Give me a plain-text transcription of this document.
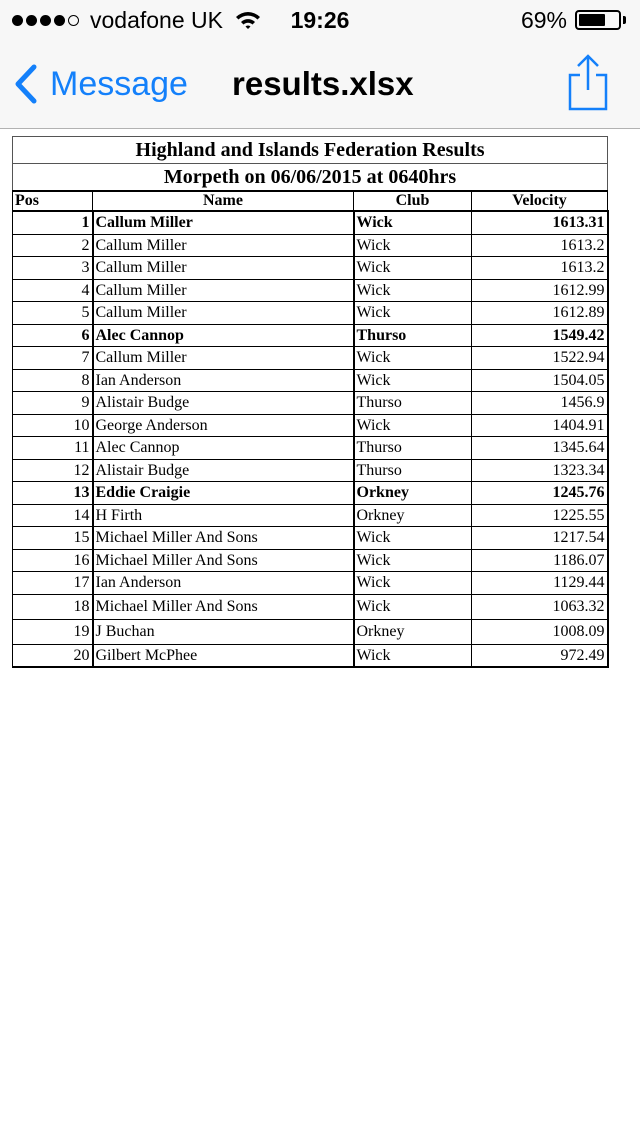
vodafone UK	19:26	69%
Message results.xlsx
Highland and Islands Federation Results			
Morpeth on 06/06/2015 at 0640hrs			
Pos	Name	Club	Velocity
1	Callum Miller	Wick	1613.31
2	Callum Miller	Wick	1613.2
3	Callum Miller	Wick	1613.2
4	Callum Miller	Wick	1612.99
5	Callum Miller	Wick	1612.89
6	Alec Cannop	Thurso	1549.42
7	Callum Miller	Wick	1522.94
8	Ian Anderson	Wick	1504.05
9	Alistair Budge	Thurso	1456.9
10	George Anderson	Wick	1404.91
11	Alec Cannop	Thurso	1345.64
12	Alistair Budge	Thurso	1323.34
13	Eddie Craigie	Orkney	1245.76
14	H Firth	Orkney	1225.55
15	Michael Miller And Sons	Wick	1217.54
16	Michael Miller And Sons	Wick	1186.07
17	Ian Anderson	Wick	1129.44
18	Michael Miller And Sons	Wick	1063.32
19	J Buchan	Orkney	1008.09
20	Gilbert McPhee	Wick	972.49
